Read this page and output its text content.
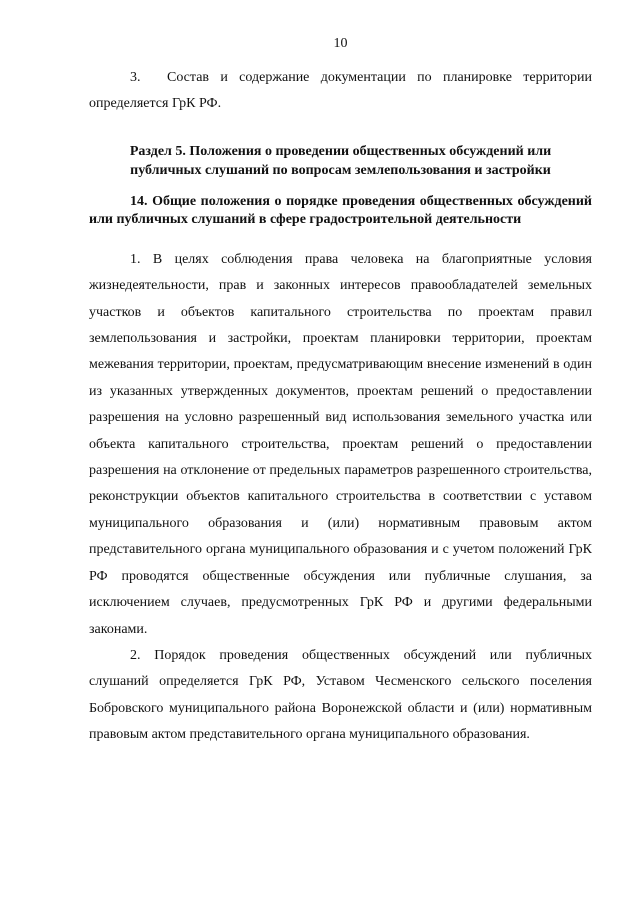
10

3. Состав и содержание документации по планировке территории определяется ГрК РФ.

Раздел 5. Положения о проведении общественных обсуждений или публичных слушаний по вопросам землепользования и застройки
14. Общие положения о порядке проведения общественных обсуждений или публичных слушаний в сфере градостроительной деятельности

1. В целях соблюдения права человека на благоприятные условия жизнедеятельности, прав и законных интересов правообладателей земельных участков и объектов капитального строительства по проектам правил землепользования и застройки, проектам планировки территории, проектам межевания территории, проектам, предусматривающим внесение изменений в один из указанных утвержденных документов, проектам решений о предоставлении разрешения на условно разрешенный вид использования земельного участка или объекта капитального строительства, проектам решений о предоставлении разрешения на отклонение от предельных параметров разрешенного строительства, реконструкции объектов капитального строительства в соответствии с уставом муниципального образования и (или) нормативным правовым актом представительного органа муниципального образования и с учетом положений ГрК РФ проводятся общественные обсуждения или публичные слушания, за исключением случаев, предусмотренных ГрК РФ и другими федеральными законами.

2. Порядок проведения общественных обсуждений или публичных слушаний определяется ГрК РФ, Уставом Чесменского сельского поселения Бобровского муниципального района Воронежской области и (или) нормативным правовым актом представительного органа муниципального образования.
